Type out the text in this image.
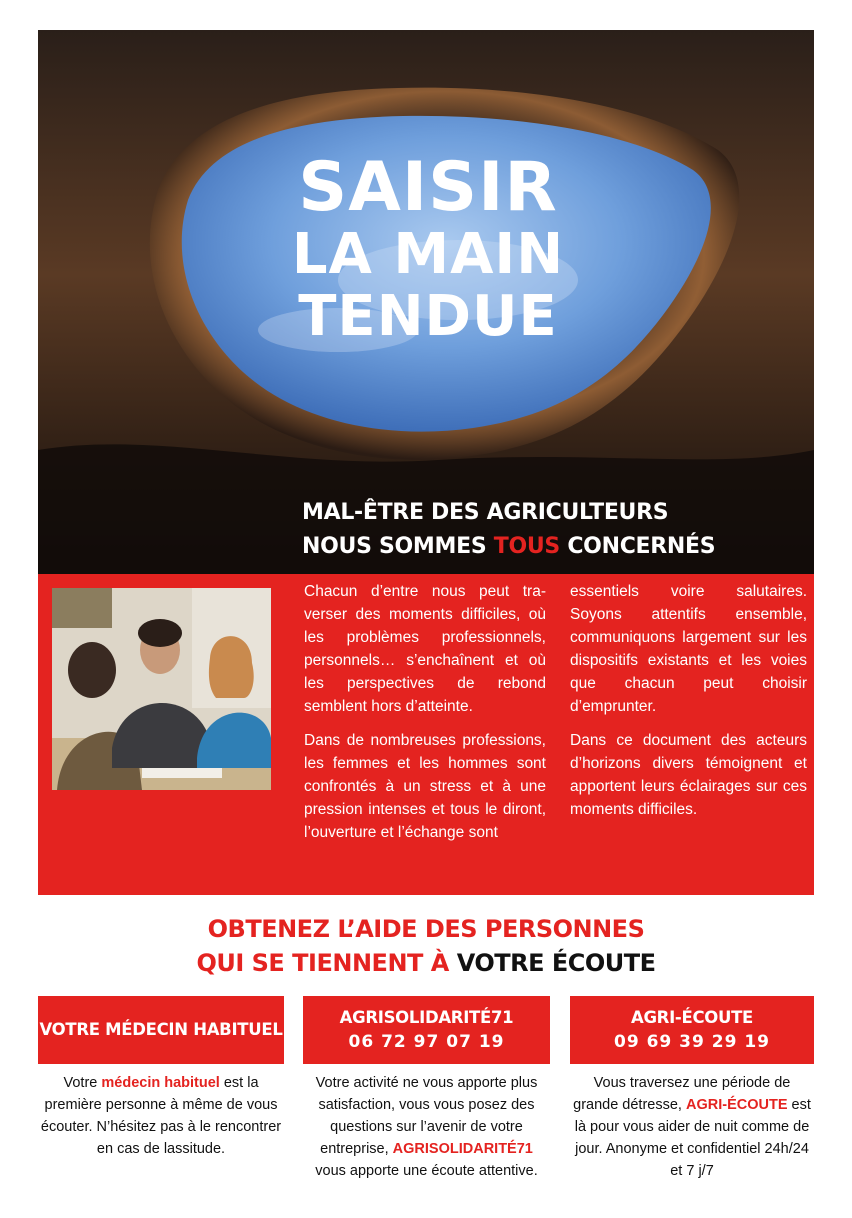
SAISIR
LA MAIN
TENDUE
MAL-ÊTRE DES AGRICULTEURS
NOUS SOMMES TOUS CONCERNÉS

Chacun d’entre nous peut traverser des moments difficiles, où les problèmes professionnels, personnels… s’enchaînent et où les perspectives de rebond semblent hors d’atteinte.

Dans de nombreuses professions, les femmes et les hommes sont confrontés à un stress et à une pression intenses et tous le diront, l’ouverture et l’échange sont

essentiels voire salutaires. Soyons attentifs ensemble, communiquons largement sur les dispositifs existants et les voies que chacun peut choisir d’emprunter.

Dans ce document des acteurs d’horizons divers témoignent et apportent leurs éclairages sur ces moments difficiles.

OBTENEZ L’AIDE DES PERSONNES
QUI SE TIENNENT À VOTRE ÉCOUTE
VOTRE MÉDECIN HABITUEL
AGRISOLIDARITÉ71
06 72 97 07 19
AGRI-ÉCOUTE
09 69 39 29 19
Votre médecin habituel est la première personne à même de vous écouter. N’hésitez pas à le rencontrer en cas de lassitude.
Votre activité ne vous apporte plus satisfaction, vous vous posez des questions sur l’avenir de votre entreprise, AGRISOLIDARITÉ71 vous apporte une écoute attentive.
Vous traversez une période de grande détresse, AGRI-ÉCOUTE est là pour vous aider de nuit comme de jour. Anonyme et confidentiel 24h/24 et 7 j/7
